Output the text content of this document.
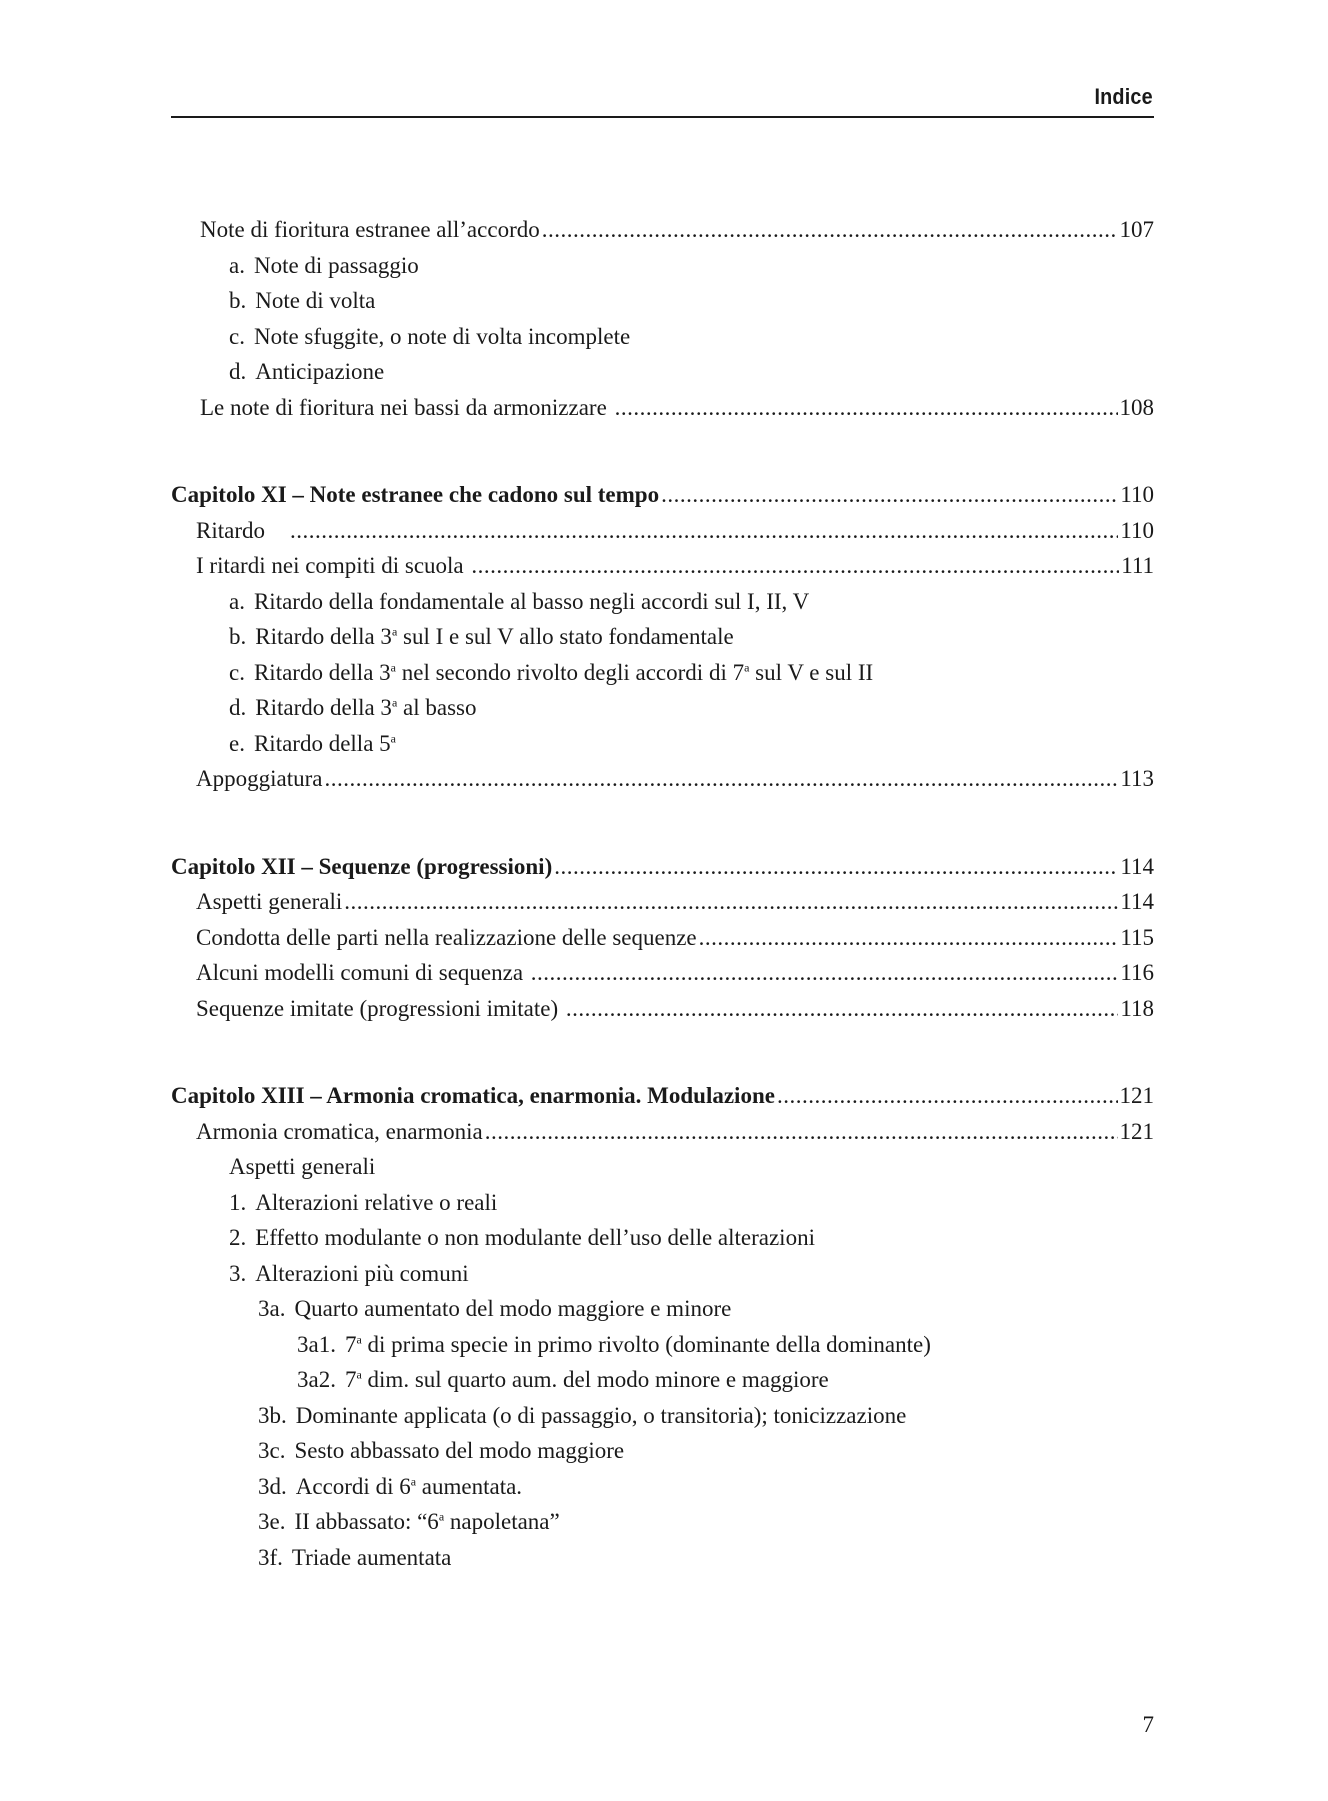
Indice
Note di fioritura estranee all’accordo .....	107
a. Note di passaggio
b. Note di volta
c. Note sfuggite, o note di volta incomplete
d. Anticipazione
Le note di fioritura nei bassi da armonizzare .....	108
Capitolo XI – Note estranee che cadono sul tempo .....	110
Ritardo .....	110
I ritardi nei compiti di scuola .....	111
a. Ritardo della fondamentale al basso negli accordi sul I, II, V
b. Ritardo della 3$^a$ sul I e sul V allo stato fondamentale
c. Ritardo della 3$^a$ nel secondo rivolto degli accordi di 7$^a$ sul V e sul II
d. Ritardo della 3$^a$ al basso
e. Ritardo della 5$^a$
Appoggiatura .....	113
Capitolo XII – Sequenze (progressioni) .....	114
Aspetti generali .....	114
Condotta delle parti nella realizzazione delle sequenze .....	115
Alcuni modelli comuni di sequenza .....	116
Sequenze imitate (progressioni imitate) .....	118
Capitolo XIII – Armonia cromatica, enarmonia. Modulazione .....	121
Armonia cromatica, enarmonia .....	121
Aspetti generali
1. Alterazioni relative o reali
2. Effetto modulante o non modulante dell’uso delle alterazioni
3. Alterazioni più comuni
3a. Quarto aumentato del modo maggiore e minore
3a1. 7$^a$ di prima specie in primo rivolto (dominante della dominante)
3a2. 7$^a$ dim. sul quarto aum. del modo minore e maggiore
3b. Dominante applicata (o di passaggio, o transitoria); tonicizzazione
3c. Sesto abbassato del modo maggiore
3d. Accordi di 6$^a$ aumentata.
3e. II abbassato: “6$^a$ napoletana”
3f. Triade aumentata
7
